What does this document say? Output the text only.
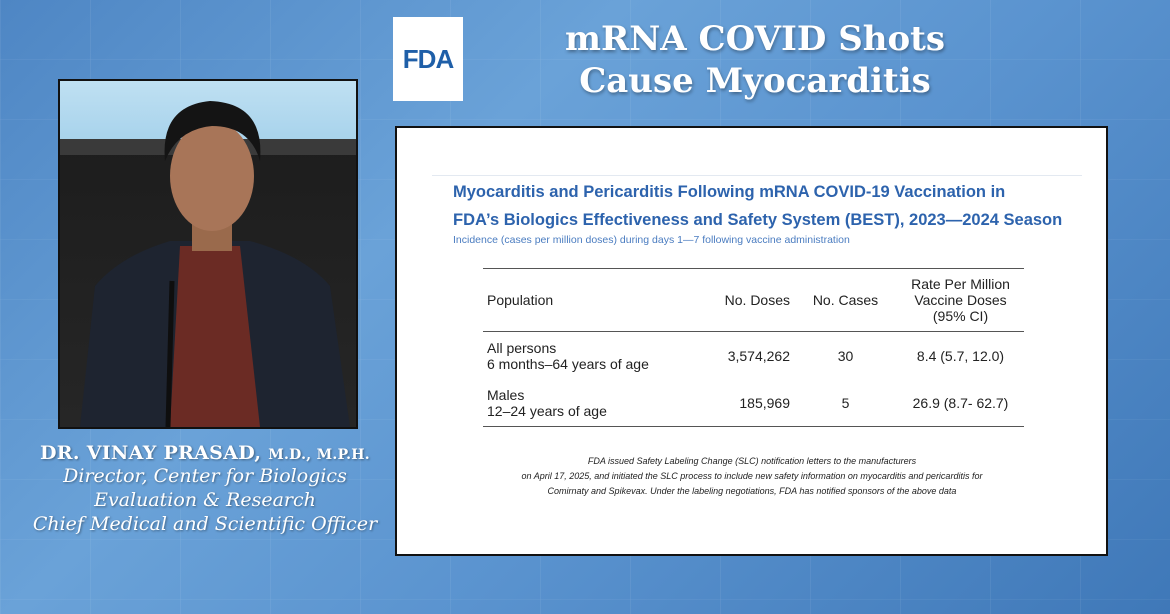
DR. VINAY PRASAD, M.D., M.P.H.
Director, Center for Biologics
Evaluation & Research
Chief Medical and Scientific Officer
FDA	mRNA COVID Shots
Cause Myocarditis
Myocarditis and Pericarditis Following mRNA COVID-19 Vaccination in
FDA’s Biologics Effectiveness and Safety System (BEST), 2023—2024 Season
Incidence (cases per million doses) during days 1—7 following vaccine administration
Population	No. Doses	No. Cases	Rate Per Million
Vaccine Doses
(95% CI)

All persons
6 months–64 years of age	3,574,262	30	8.4 (5.7, 12.0)

Males
12–24 years of age	185,969	5	26.9 (8.7- 62.7)
FDA issued Safety Labeling Change (SLC) notification letters to the manufacturers
on April 17, 2025, and initiated the SLC process to include new safety information on myocarditis and pericarditis for
Comirnaty and Spikevax. Under the labeling negotiations, FDA has notified sponsors of the above data
